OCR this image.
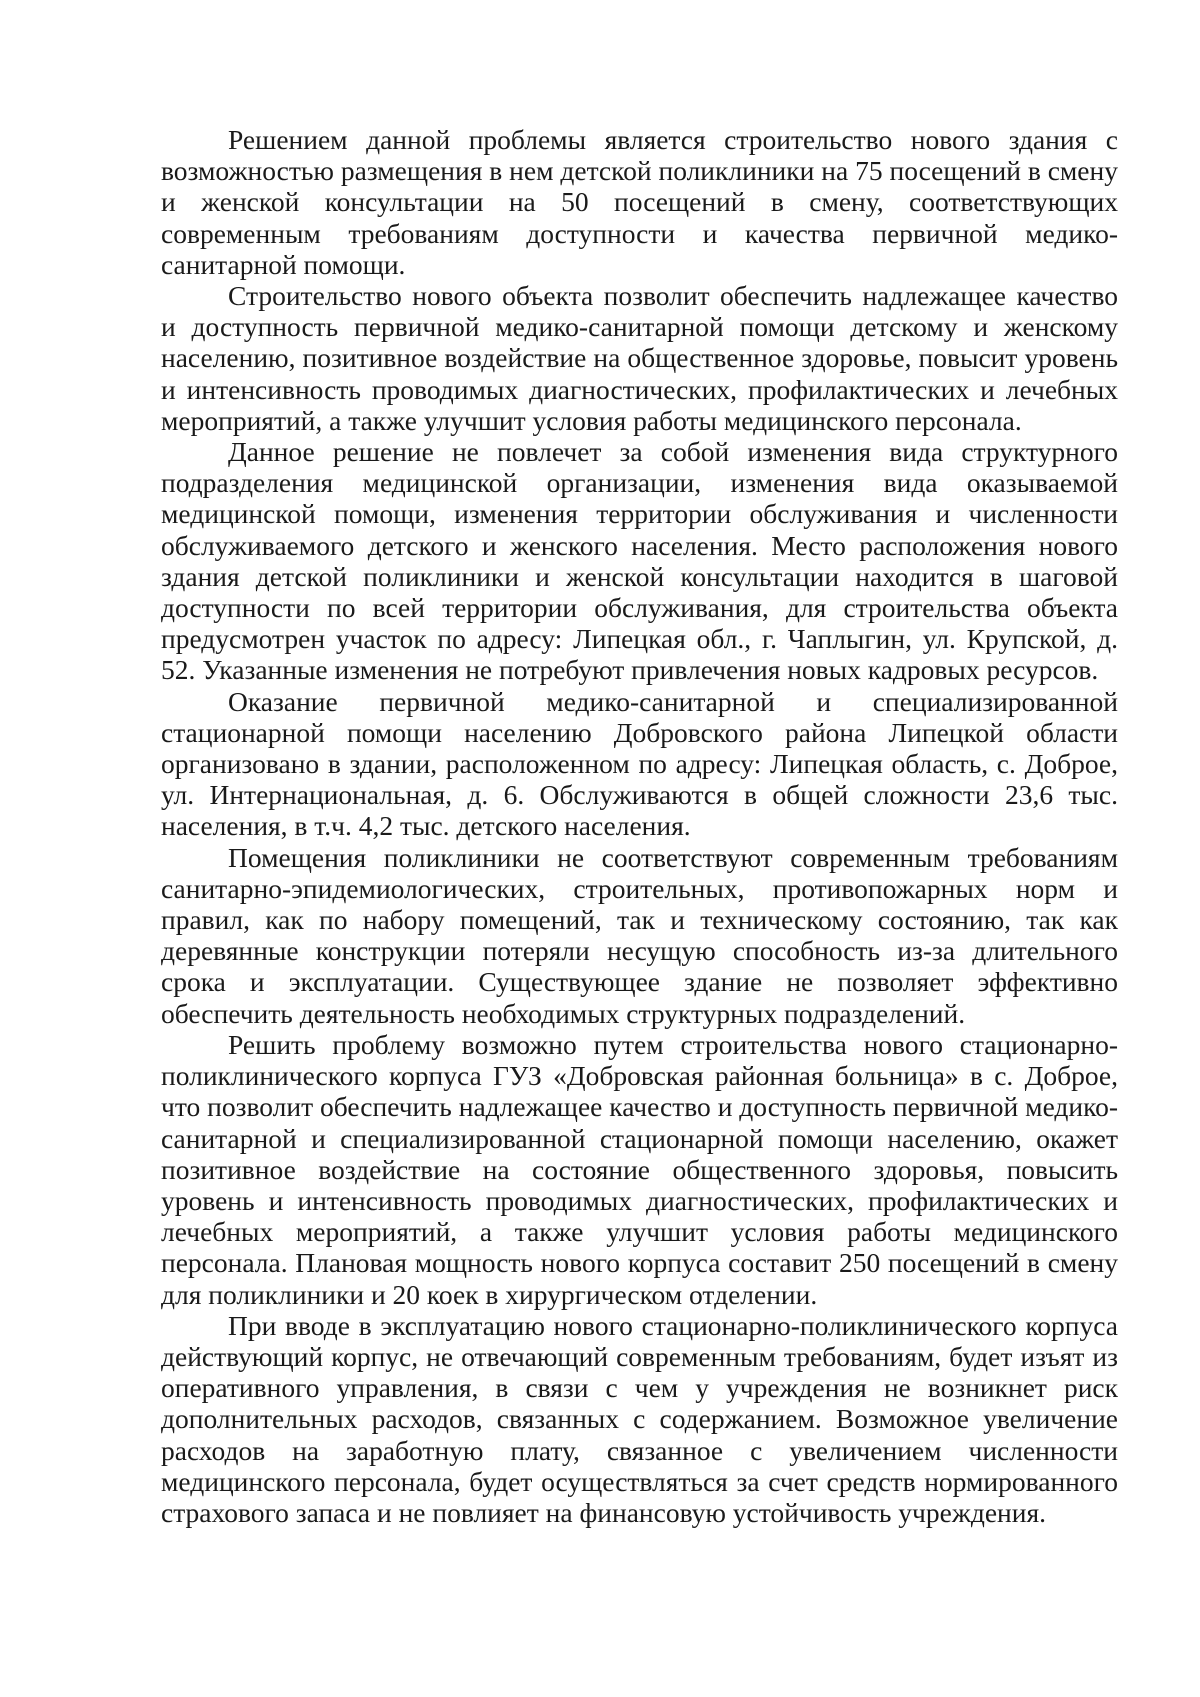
Решением данной проблемы является строительство нового здания с возможностью размещения в нем детской поликлиники на 75 посещений в смену и женской консультации на 50 посещений в смену, соответствующих современным требованиям доступности и качества первичной медико-санитарной помощи.

Строительство нового объекта позволит обеспечить надлежащее качество и доступность первичной медико-санитарной помощи детскому и женскому населению, позитивное воздействие на общественное здоровье, повысит уровень и интенсивность проводимых диагностических, профилактических и лечебных мероприятий, а также улучшит условия работы медицинского персонала.

Данное решение не повлечет за собой изменения вида структурного подразделения медицинской организации, изменения вида оказываемой медицинской помощи, изменения территории обслуживания и численности обслуживаемого детского и женского населения. Место расположения нового здания детской поликлиники и женской консультации находится в шаговой доступности по всей территории обслуживания, для строительства объекта предусмотрен участок по адресу: Липецкая обл., г. Чаплыгин, ул. Крупской, д. 52. Указанные изменения не потребуют привлечения новых кадровых ресурсов.

Оказание первичной медико-санитарной и специализированной стационарной помощи населению Добровского района Липецкой области организовано в здании, расположенном по адресу: Липецкая область, с. Доброе, ул. Интернациональная, д. 6. Обслуживаются в общей сложности 23,6 тыс. населения, в т.ч. 4,2 тыс. детского населения.

Помещения поликлиники не соответствуют современным требованиям санитарно-эпидемиологических, строительных, противопожарных норм и правил, как по набору помещений, так и техническому состоянию, так как деревянные конструкции потеряли несущую способность из-за длительного срока и эксплуатации. Существующее здание не позволяет эффективно обеспечить деятельность необходимых структурных подразделений.

Решить проблему возможно путем строительства нового стационарно-поликлинического корпуса ГУЗ «Добровская районная больница» в с. Доброе, что позволит обеспечить надлежащее качество и доступность первичной медико-санитарной и специализированной стационарной помощи населению, окажет позитивное воздействие на состояние общественного здоровья, повысить уровень и интенсивность проводимых диагностических, профилактических и лечебных мероприятий, а также улучшит условия работы медицинского персонала. Плановая мощность нового корпуса составит 250 посещений в смену для поликлиники и 20 коек в хирургическом отделении.

При вводе в эксплуатацию нового стационарно-поликлинического корпуса действующий корпус, не отвечающий современным требованиям, будет изъят из оперативного управления, в связи с чем у учреждения не возникнет риск дополнительных расходов, связанных с содержанием. Возможное увеличение расходов на заработную плату, связанное с увеличением численности медицинского персонала, будет осуществляться за счет средств нормированного страхового запаса и не повлияет на финансовую устойчивость учреждения.
